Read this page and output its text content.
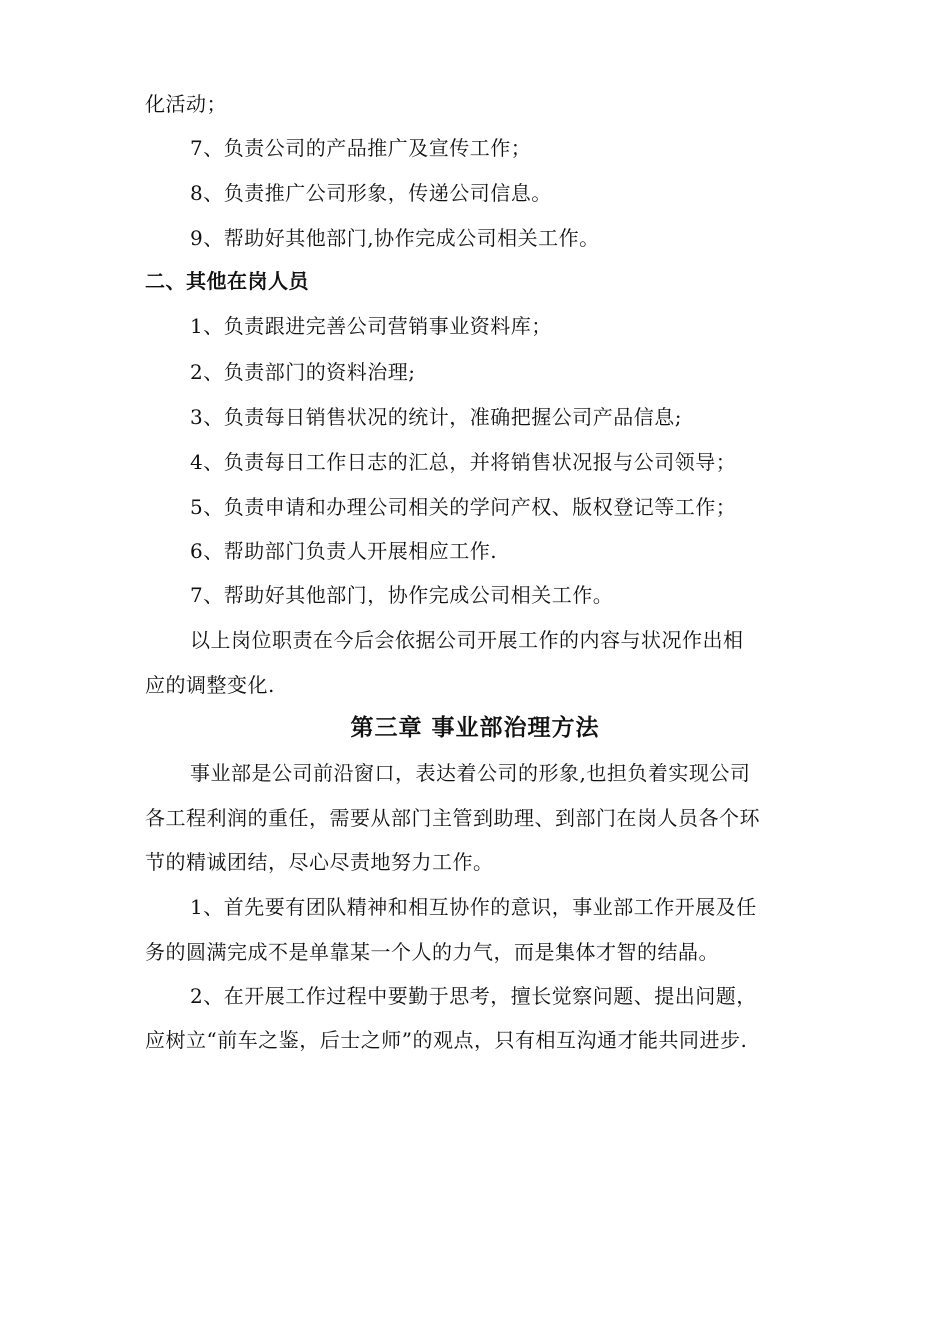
化活动；
7、负责公司的产品推广及宣传工作；
8、负责推广公司形象，传递公司信息。
9、帮助好其他部门,协作完成公司相关工作。
二、其他在岗人员
1、负责跟进完善公司营销事业资料库；
2、负责部门的资料治理;
3、负责每日销售状况的统计，准确把握公司产品信息;
4、负责每日工作日志的汇总，并将销售状况报与公司领导；
5、负责申请和办理公司相关的学问产权、版权登记等工作；
6、帮助部门负责人开展相应工作.
7、帮助好其他部门，协作完成公司相关工作。
以上岗位职责在今后会依据公司开展工作的内容与状况作出相
应的调整变化.
第三章 事业部治理方法
事业部是公司前沿窗口，表达着公司的形象,也担负着实现公司
各工程利润的重任，需要从部门主管到助理、到部门在岗人员各个环
节的精诚团结，尽心尽责地努力工作。
1、首先要有团队精神和相互协作的意识，事业部工作开展及任
务的圆满完成不是单靠某一个人的力气，而是集体才智的结晶。
2、在开展工作过程中要勤于思考，擅长觉察问题、提出问题，
应树立“前车之鉴，后士之师”的观点，只有相互沟通才能共同进步.
